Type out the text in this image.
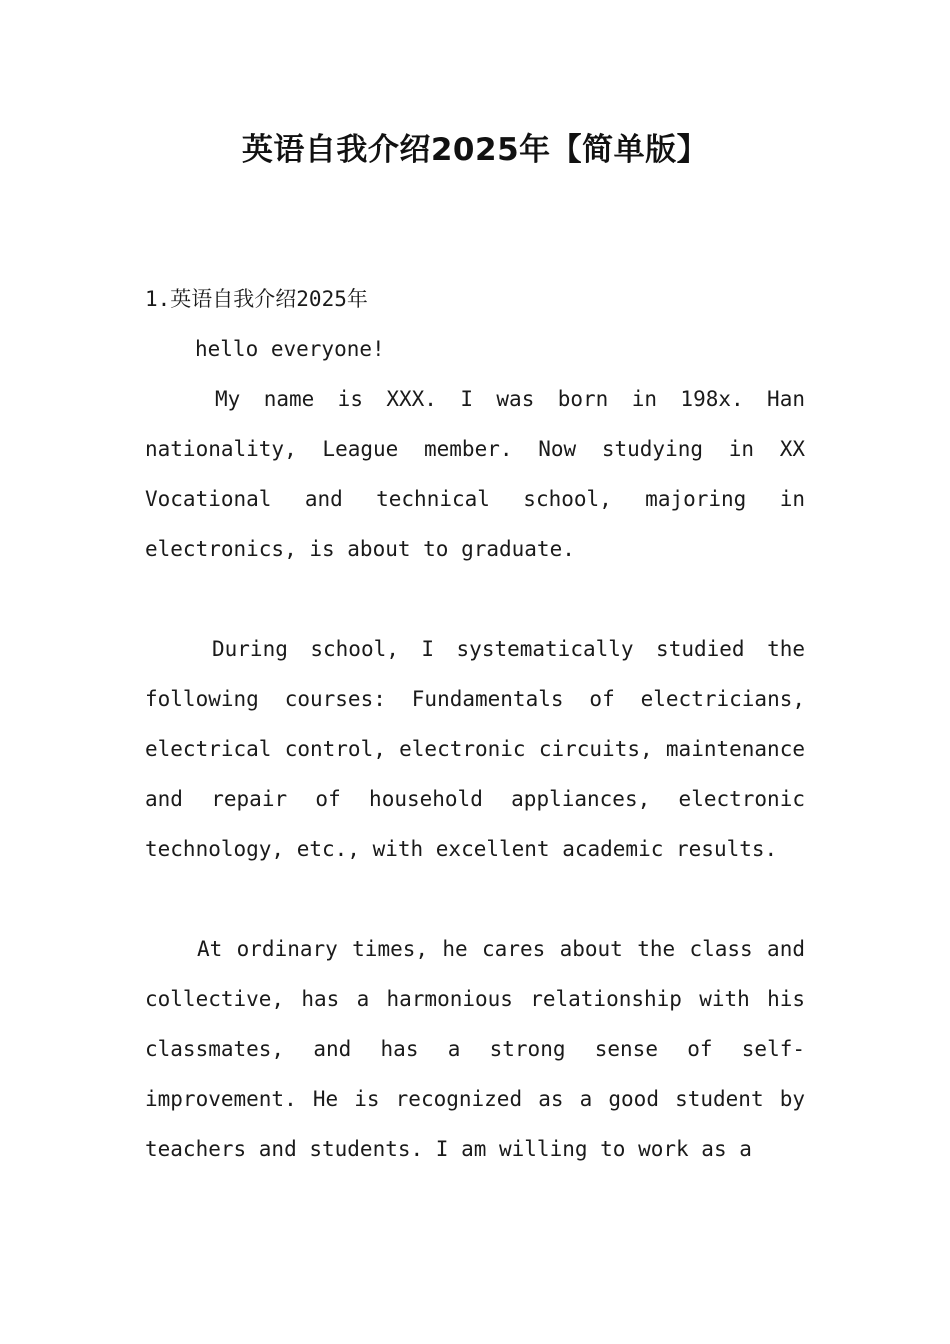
英语自我介绍2025年【简单版】
1.英语自我介绍2025年
hello everyone!

My name is XXX. I was born in 198x. Han nationality, League member. Now studying in XX Vocational and technical school, majoring in electronics, is about to graduate.

During school, I systematically studied the following courses: Fundamentals of electricians, electrical control, electronic circuits, maintenance and repair of household appliances, electronic technology, etc., with excellent academic results.

At ordinary times, he cares about the class and collective, has a harmonious relationship with his classmates, and has a strong sense of self-improvement. He is recognized as a good student by teachers and students. I am willing to work as a
